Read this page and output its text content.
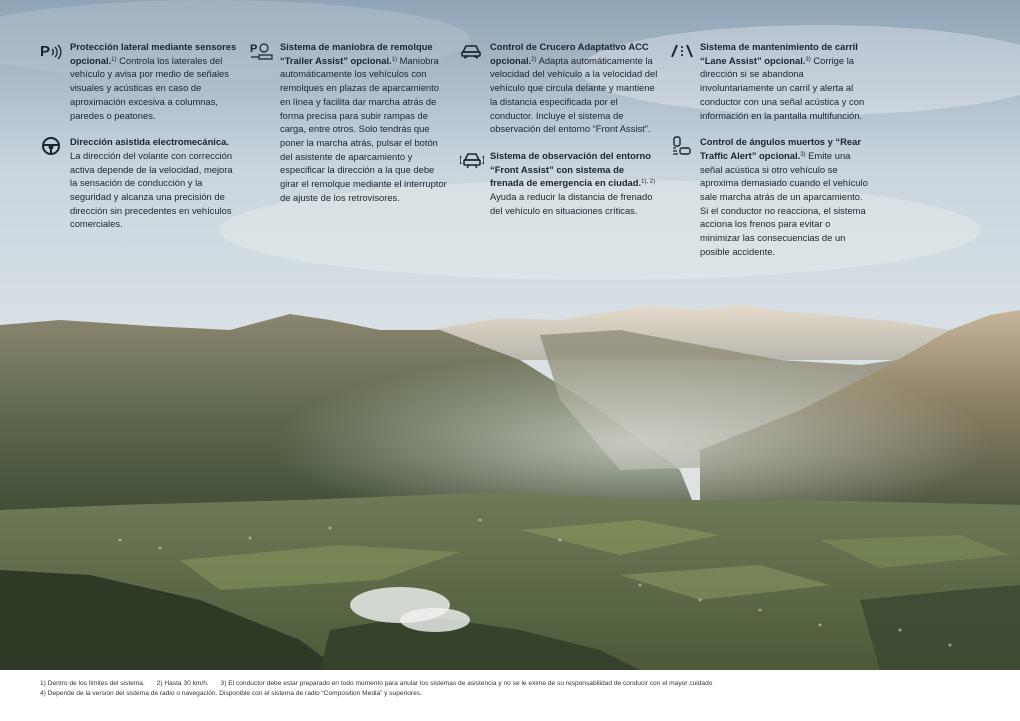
P Protección lateral mediante sensores opcional.$^{1)}$ Controla los laterales del vehículo y avisa por medio de señales visuales y acústicas en caso de aproximación excesiva a columnas, paredes o peatones.
Dirección asistida electromecánica. La dirección del volante con corrección activa depende de la velocidad, mejora la sensación de conducción y la seguridad y alcanza una precisión de dirección sin precedentes en vehículos comerciales.
P Sistema de maniobra de remolque “Trailer Assist” opcional.$^{1)}$ Maniobra automáticamente los vehículos con remolques en plazas de aparcamiento en línea y facilita dar marcha atrás de forma precisa para subir rampas de carga, entre otros. Solo tendrás que poner la marcha atrás, pulsar el botón del asistente de aparcamiento y especificar la dirección a la que debe girar el remolque mediante el interruptor de ajuste de los retrovisores.
Control de Crucero Adaptativo ACC opcional.$^{2)}$ Adapta automáticamente la velocidad del vehículo a la velocidad del vehículo que circula delante y mantiene la distancia especificada por el conductor. Incluye el sistema de observación del entorno “Front Assist”.
Sistema de observación del entorno “Front Assist” con sistema de frenada de emergencia en ciudad.$^{1), 2)}$ Ayuda a reducir la distancia de frenado del vehículo en situaciones críticas.
Sistema de mantenimiento de carril “Lane Assist” opcional.$^{3)}$ Corrige la dirección si se abandona involuntariamente un carril y alerta al conductor con una señal acústica y con información en la pantalla multifunción.
Control de ángulos muertos y “Rear Traffic Alert” opcional.$^{3)}$ Emite una señal acústica si otro vehículo se aproxima demasiado cuando el vehículo sale marcha atrás de un aparcamiento. Si el conductor no reacciona, el sistema acciona los frenos para evitar o minimizar las consecuencias de un posible accidente.
1) Dentro de los límites del sistema. 2) Hasta 30 km/h. 3) El conductor debe estar preparado en todo momento para anular los sistemas de asistencia y no se le exime de su responsabilidad de conducir con el mayor cuidado
4) Depende de la versión del sistema de radio o navegación. Disponible con el sistema de radio “Composition Media” y superiores.
